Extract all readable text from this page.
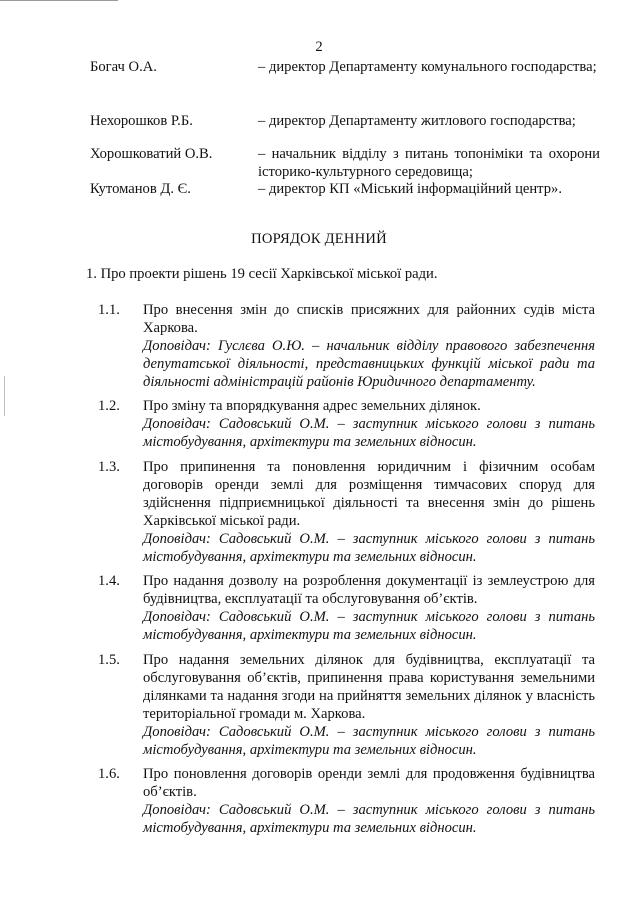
2
Богач О.А.	– директор Департаменту комунального господарства;
Нехорошков Р.Б.	– директор Департаменту житлового господарства;
Хорошковатий О.В.	– начальник відділу з питань топоніміки та охорони історико-культурного середовища;
Кутоманов Д. Є.	– директор КП «Міський інформаційний центр».
ПОРЯДОК ДЕННИЙ
1. Про проекти рішень 19 сесії Харківської міської ради.
1.1. Про внесення змін до списків присяжних для районних судів міста Харкова.
Доповідач: Гуслєва О.Ю. – начальник відділу правового забезпечення депутатської діяльності, представницьких функцій міської ради та діяльності адміністрацій районів Юридичного департаменту.
1.2. Про зміну та впорядкування адрес земельних ділянок.
Доповідач: Садовський О.М. – заступник міського голови з питань містобудування, архітектури та земельних відносин.
1.3. Про припинення та поновлення юридичним і фізичним особам договорів оренди землі для розміщення тимчасових споруд для здійснення підприємницької діяльності та внесення змін до рішень Харківської міської ради.
Доповідач: Садовський О.М. – заступник міського голови з питань містобудування, архітектури та земельних відносин.
1.4. Про надання дозволу на розроблення документації із землеустрою для будівництва, експлуатації та обслуговування об’єктів.
Доповідач: Садовський О.М. – заступник міського голови з питань містобудування, архітектури та земельних відносин.
1.5. Про надання земельних ділянок для будівництва, експлуатації та обслуговування об’єктів, припинення права користування земельними ділянками та надання згоди на прийняття земельних ділянок у власність територіальної громади м. Харкова.
Доповідач: Садовський О.М. – заступник міського голови з питань містобудування, архітектури та земельних відносин.
1.6. Про поновлення договорів оренди землі для продовження будівництва об’єктів.
Доповідач: Садовський О.М. – заступник міського голови з питань містобудування, архітектури та земельних відносин.
